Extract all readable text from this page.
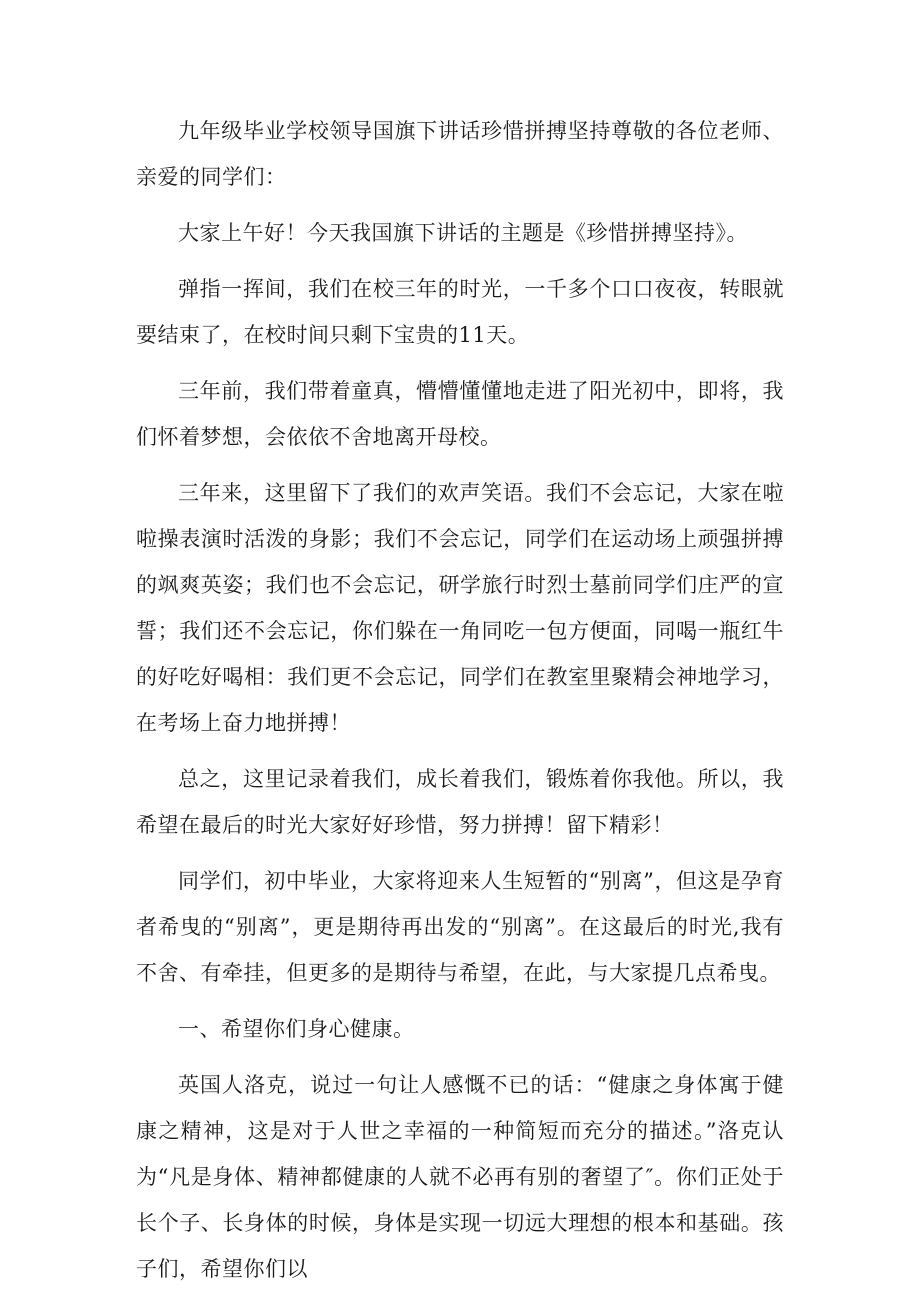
九年级毕业学校领导国旗下讲话珍惜拼搏坚持尊敬的各位老师、亲爱的同学们：

大家上午好！今天我国旗下讲话的主题是《珍惜拼搏坚持》。

弹指一挥间，我们在校三年的时光，一千多个口口夜夜，转眼就要结束了，在校时间只剩下宝贵的11天。

三年前，我们带着童真，懵懵懂懂地走进了阳光初中，即将，我们怀着梦想，会依依不舍地离开母校。

三年来，这里留下了我们的欢声笑语。我们不会忘记，大家在啦啦操表演时活泼的身影；我们不会忘记，同学们在运动场上顽强拼搏的飒爽英姿；我们也不会忘记，研学旅行时烈士墓前同学们庄严的宣誓；我们还不会忘记，你们躲在一角同吃一包方便面，同喝一瓶红牛的好吃好喝相：我们更不会忘记，同学们在教室里聚精会神地学习，在考场上奋力地拼搏！

总之，这里记录着我们，成长着我们，锻炼着你我他。所以，我希望在最后的时光大家好好珍惜，努力拼搏！留下精彩！

同学们，初中毕业，大家将迎来人生短暂的“别离”，但这是孕育者希曳的“别离”，更是期待再出发的“别离”。在这最后的时光,我有不舍、有牵挂，但更多的是期待与希望，在此，与大家提几点希曳。

一、希望你们身心健康。

英国人洛克，说过一句让人感慨不已的话：“健康之身体寓于健康之精神，这是对于人世之幸福的一种简短而充分的描述。”洛克认为“凡是身体、精神都健康的人就不必再有别的奢望了″。你们正处于长个子、长身体的时候，身体是实现一切远大理想的根本和基础。孩子们，希望你们以
